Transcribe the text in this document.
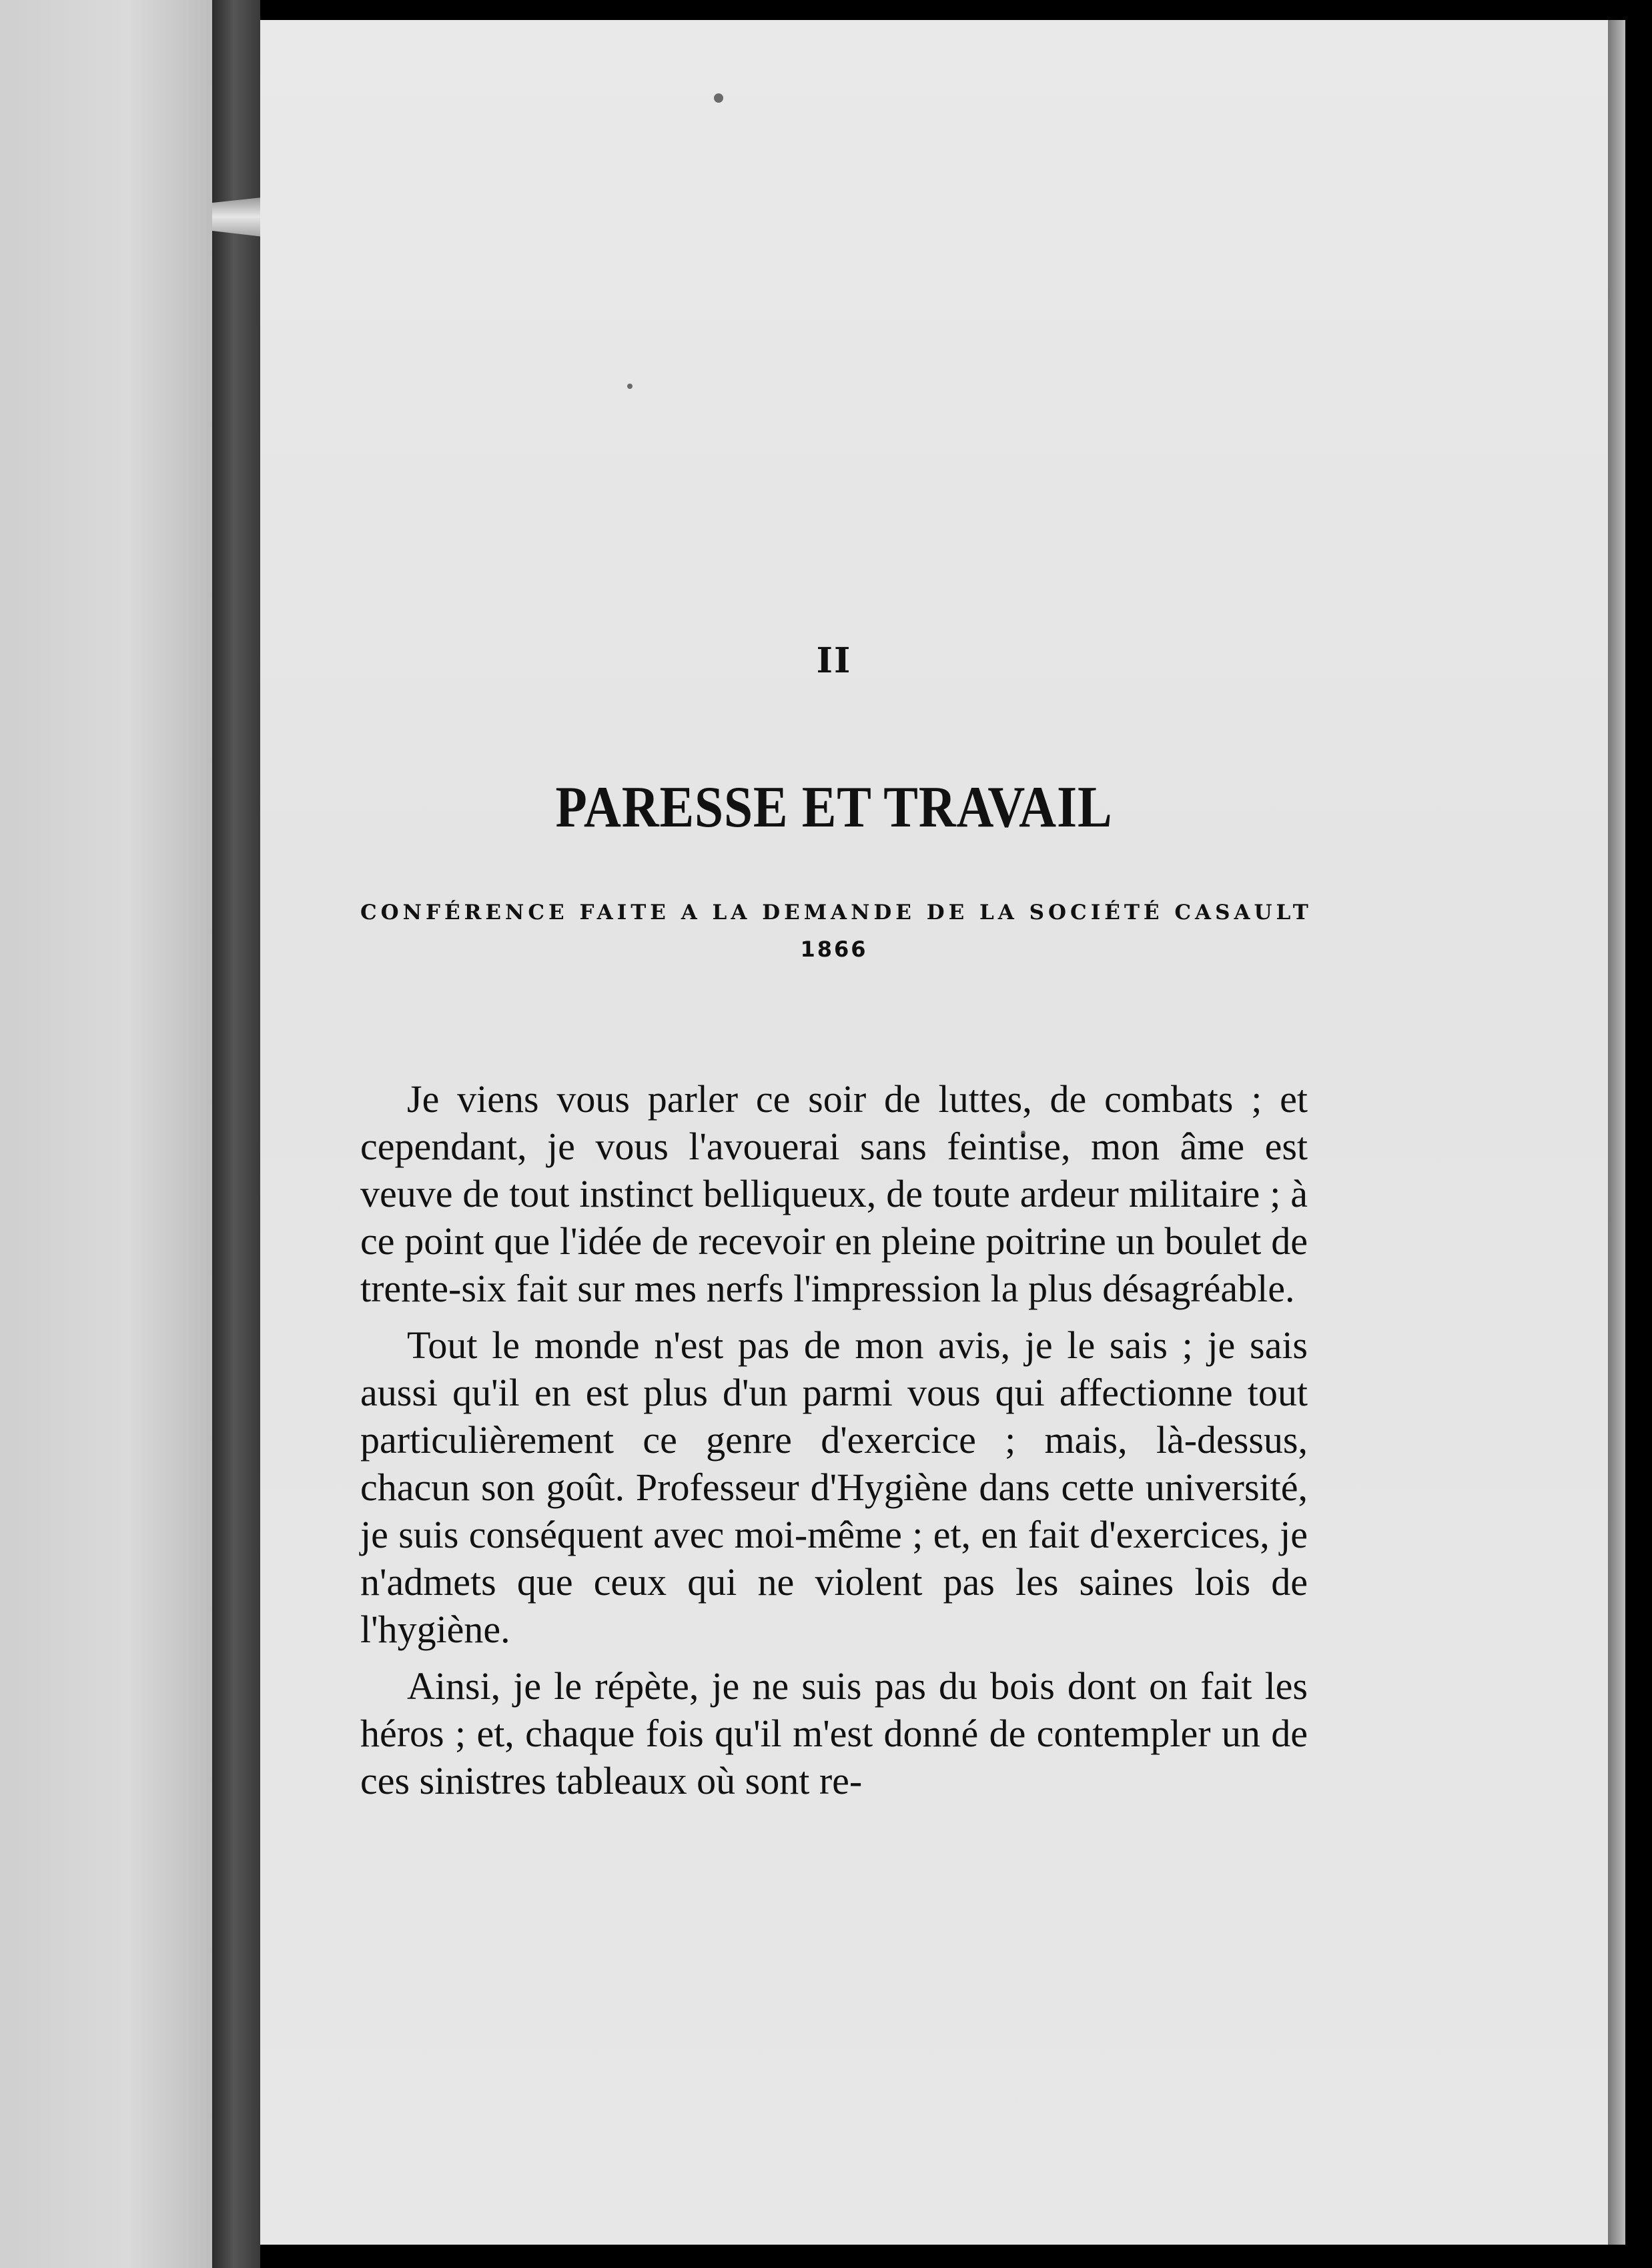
II
PARESSE ET TRAVAIL
CONFÉRENCE FAITE A LA DEMANDE DE LA SOCIÉTÉ CASAULT
1866

Je viens vous parler ce soir de luttes, de combats ; et cependant, je vous l'avouerai sans feintise, mon âme est veuve de tout instinct belliqueux, de toute ardeur militaire ; à ce point que l'idée de recevoir en pleine poitrine un boulet de trente-six fait sur mes nerfs l'impression la plus désagréable.

Tout le monde n'est pas de mon avis, je le sais ; je sais aussi qu'il en est plus d'un parmi vous qui affectionne tout particulièrement ce genre d'exercice ; mais, là-dessus, chacun son goût. Professeur d'Hygiène dans cette université, je suis conséquent avec moi-même ; et, en fait d'exercices, je n'admets que ceux qui ne violent pas les saines lois de l'hygiène.

Ainsi, je le répète, je ne suis pas du bois dont on fait les héros ; et, chaque fois qu'il m'est donné de contempler un de ces sinistres tableaux où sont re-
